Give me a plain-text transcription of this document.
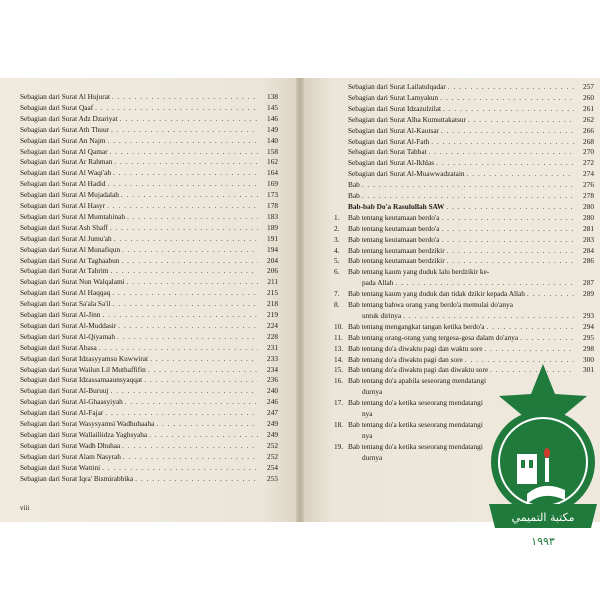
viii
Sebagian dari Surat Al Hujurat . . .	138
Sebagian dari Surat Qaaf . . .	145
Sebagian dari Surat Adz Dzariyat . . .	146
Sebagian dari Surat Ath Thuur . . .	149
Sebagian dari Surat An Najm . . .	140
Sebagian dari Surat Al Qamar . . .	158
Sebagian dari Surat Ar Rahman . . .	162
Sebagian dari Surat Al Waqi'ah . . .	164
Sebagian dari Surat Al Hadid . . .	169
Sebagian dari Surat Al Mujadalah . . .	173
Sebagian dari Surat Al Hasyr . . .	178
Sebagian dari Surat Al Mumtahinah . . .	183
Sebagian dari Surat Ash Shaff . . .	189
Sebagian dari Surat Al Jumu'ah . . .	191
Sebagian dari Surat Al Munafiqun . . .	194
Sebagian dari Surat At Taghaabun . . .	204
Sebagian dari Surat At Tahrim . . .	206
Sebagian dari Surat Nun Walqalami . . .	211
Sebagian dari Surat Al Haqqaq . . .	215
Sebagian dari Surat Sa'ala Sa'il . . .	218
Sebagian dari Surat Al-Jinn . . .	219
Sebagian dari Surat Al-Muddasir . . .	224
Sebagian dari Surat Al-Qiyamah . . .	228
Sebagian dari Surat Abasa . . .	231
Sebagian dari Surat Idzasyyamsu Kuwwirat . . .	233
Sebagian dari Surat Wailun Lil Muthaffifin . . .	234
Sebagian dari Surat Idzassamaaunsyaqqat . . .	236
Sebagian dari Surat Al-Buruuj . . .	240
Sebagian dari Surat Al-Ghaasyiyah . . .	246
Sebagian dari Surat Al-Fajar . . .	247
Sebagian dari Surat Wasysyamsi Wadhuhaaha . . .	249
Sebagian dari Surat Wallailiidza Yaghsyaha . . .	249
Sebagian dari Surat Wadh Dhuhaa . . .	252
Sebagian dari Surat Alam Nasyrah . . .	252
Sebagian dari Surat Wattini . . .	254
Sebagian dari Surat Iqra' Bismirabbika . . .	255
Sebagian dari Surat Lailatulqadar . . .	257
Sebagian dari Surat Lamyakun . . .	260
Sebagian dari Surat Idzazulzilat . . .	261
Sebagian dari Surat Alha Kumuttakatsur . . .	262
Sebagian dari Surat Al-Kautsar . . .	266
Sebagian dari Surat Al-Fath . . .	268
Sebagian dari Surat Tabbat . . .	270
Sebagian dari Surat Al-Ikhlas . . .	272
Sebagian dari Surat Al-Muawwadzatain . . .	274
Bab . . .	276
Bab . . .	278
Bab-bab Do'a Rasulullah SAW . . .	280
1.	Bab tentang keutamaan berdo'a . . .	280
2.	Bab tentang keutamaan berdo'a . . .	281
3.	Bab tentang keutamaan berdo'a . . .	283
4.	Bab tentang keutamaan berdzikir . . .	284
5.	Bab tentang keutamaan berdzikir . . .	286
6.	Bab tentang kaum yang duduk lalu berdzikir ke-
pada Allah . . .	287
7.	Bab tentang kaum yang duduk dan tidak dzikir kepada Allah . . .	289
8.	Bab tentang bahwa orang yang berdo'a memulai do'anya
untuk dirinya . . .	293
10. Bab tentang mengangkat tangan ketika berdo'a . . .	294
11. Bab tentang orang-orang yang tergesa-gesa dalam do'anya . . .	295
13. Bab tentang do'a diwaktu pagi dan waktu sore . . .	298
14. Bab tentang do'a diwaktu pagi dan sore . . .	300
15. Bab tentang do'a diwaktu pagi dan diwaktu sore . . .	301
16. Bab tentang do'a apabila seseorang mendatangi
durnya
17. Bab tentang do'a ketika seseorang mendatangi
nya
18. Bab tentang do'a ketika seseorang mendatangi
nya
19. Bab tentang do'a ketika seseorang mendatangi
durnya
مكتبة التميمي
١٩٩٣
